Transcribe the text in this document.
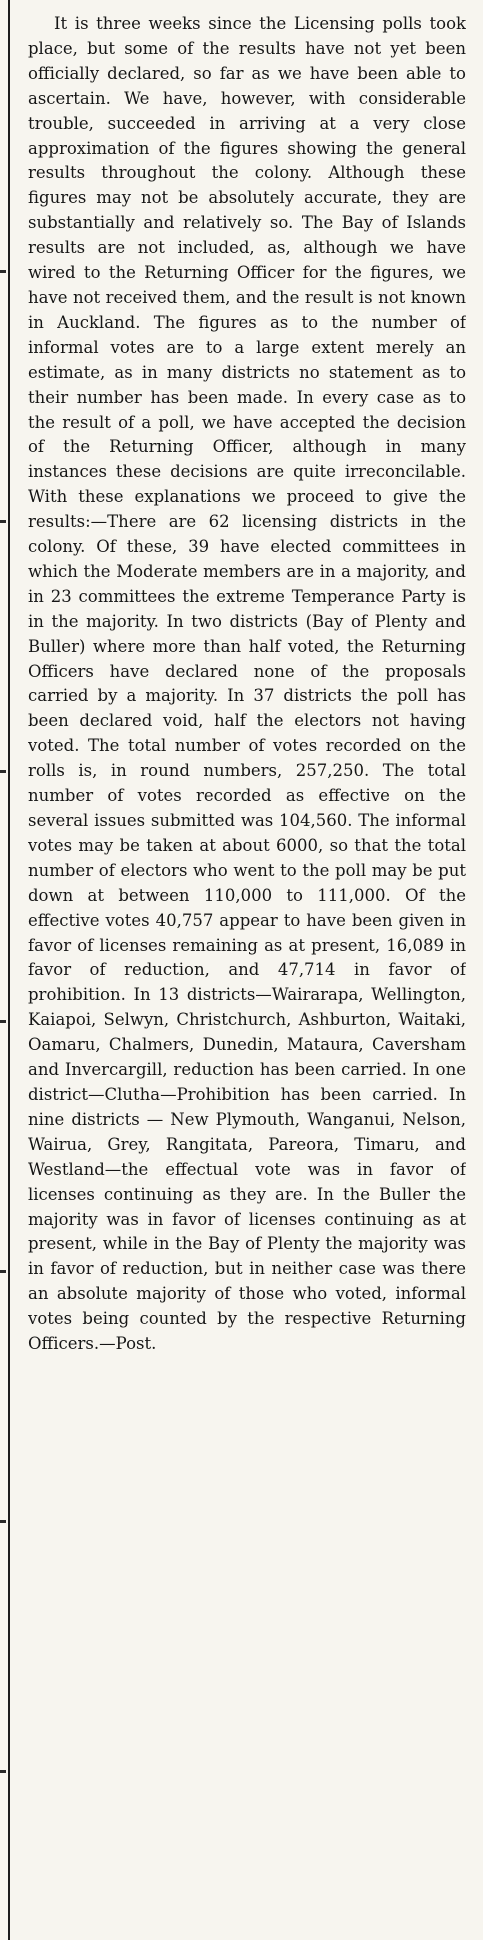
It is three weeks since the Licensing polls took place, but some of the results have not yet been officially declared, so far as we have been able to ascertain. We have, however, with considerable trouble, succeeded in arriving at a very close approximation of the figures showing the general results throughout the colony. Although these figures may not be absolutely accurate, they are substantially and relatively so. The Bay of Islands results are not included, as, although we have wired to the Returning Officer for the figures, we have not received them, and the result is not known in Auckland. The figures as to the number of informal votes are to a large extent merely an estimate, as in many districts no statement as to their number has been made. In every case as to the result of a poll, we have accepted the decision of the Returning Officer, although in many instances these decisions are quite irreconcilable. With these explanations we proceed to give the results:—There are 62 licensing districts in the colony. Of these, 39 have elected committees in which the Moderate members are in a majority, and in 23 committees the extreme Temperance Party is in the majority. In two districts (Bay of Plenty and Buller) where more than half voted, the Returning Officers have declared none of the proposals carried by a majority. In 37 districts the poll has been declared void, half the electors not having voted. The total number of votes recorded on the rolls is, in round numbers, 257,250. The total number of votes recorded as effective on the several issues submitted was 104,560. The informal votes may be taken at about 6000, so that the total number of electors who went to the poll may be put down at between 110,000 to 111,000. Of the effective votes 40,757 appear to have been given in favor of licenses remaining as at present, 16,089 in favor of reduction, and 47,714 in favor of prohibition. In 13 districts—Wairarapa, Wellington, Kaiapoi, Selwyn, Christchurch, Ashburton, Waitaki, Oamaru, Chalmers, Dunedin, Mataura, Caversham and Invercargill, reduction has been carried. In one district—Clutha—Prohibition has been carried. In nine districts — New Plymouth, Wanganui, Nelson, Wairua, Grey, Rangitata, Pareora, Timaru, and Westland—the effectual vote was in favor of licenses continuing as they are. In the Buller the majority was in favor of licenses continuing as at present, while in the Bay of Plenty the majority was in favor of reduction, but in neither case was there an absolute majority of those who voted, informal votes being counted by the respective Returning Officers.—Post.
